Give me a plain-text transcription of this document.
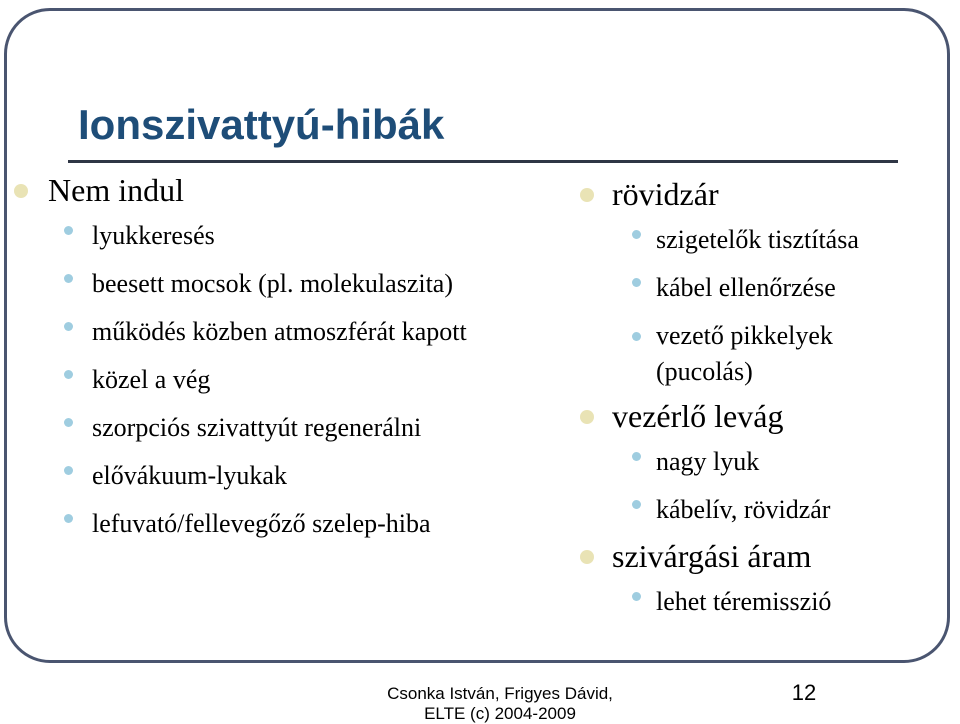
Ionszivattyú-hibák
Nem indul
lyukkeresés
beesett mocsok (pl. molekulaszita)
működés közben atmoszférát kapott
közel a vég
szorpciós szivattyút regenerálni
elővákuum-lyukak
lefuvató/fellevegőző szelep-hiba
rövidzár
szigetelők tisztítása
kábel ellenőrzése
vezető pikkelyek (pucolás)
vezérlő levág
nagy lyuk
kábelív, rövidzár
szivárgási áram
lehet téremisszió
Csonka István, Frigyes Dávid,
ELTE (c) 2004-2009
12
